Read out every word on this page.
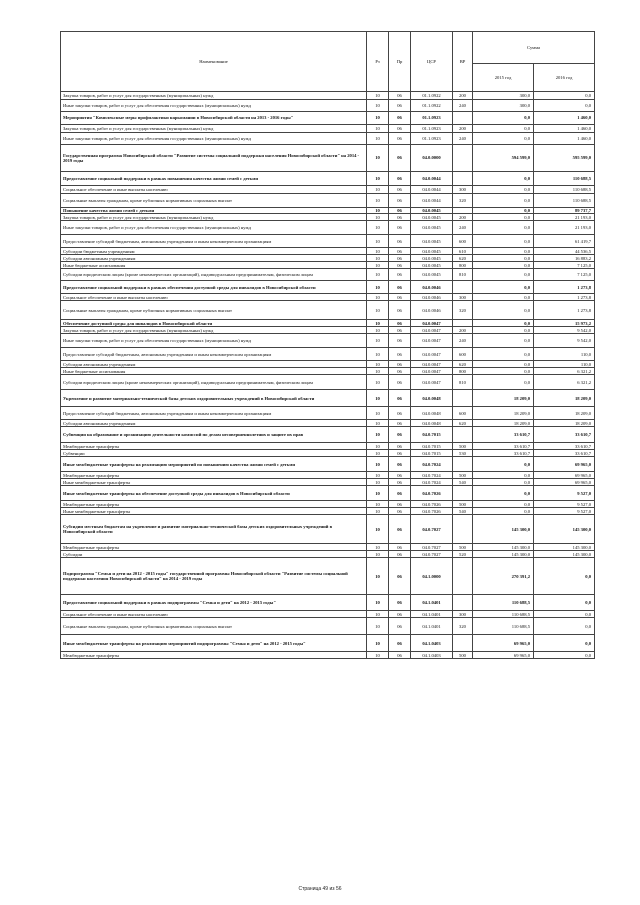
Наименование	Рз	Пр	ЦСР	ВР	Сумма	
					2015 год	2016 год
Закупка товаров, работ и услуг для государственных (муниципальных) нужд	10	06	01.1.0922	200	300,0	0,0
Иные закупки товаров, работ и услуг для обеспечения государственных (муниципальных) нужд	10	06	01.1.0922	240	300,0	0,0
Мероприятия "Комплексные меры профилактики наркомании в Новосибирской области на 2013 - 2016 годы"	10	06	01.1.0923		0,0	1 460,0
Закупка товаров, работ и услуг для государственных (муниципальных) нужд	10	06	01.1.0923	200	0,0	1 460,0
Иные закупки товаров, работ и услуг для обеспечения государственных (муниципальных) нужд	10	06	01.1.0923	240	0,0	1 460,0
Государственная программа Новосибирской области "Развитие системы социальной поддержки населения Новосибирской области" на 2014 - 2019 годы	10	06	04.0.0000		594 599,0	595 599,0
Предоставление социальной поддержки в рамках повышения качества жизни семей с детьми	10	06	04.0.0044		0,0	110 688,5
Социальное обеспечение и иные выплаты населению	10	06	04.0.0044	300	0,0	110 688,5
Социальные выплаты гражданам, кроме публичных нормативных социальных выплат	10	06	04.0.0044	320	0,0	110 688,5
Повышение качества жизни семей с детьми	10	06	04.0.0045		0,0	89 737,7
Закупка товаров, работ и услуг для государственных (муниципальных) нужд	10	06	04.0.0045	200	0,0	21 193,0
Иные закупки товаров, работ и услуг для обеспечения государственных (муниципальных) нужд	10	06	04.0.0045	240	0,0	21 193,0
Предоставление субсидий бюджетным, автономным учреждениям и иным некоммерческим организациям	10	06	04.0.0045	600	0,0	61 419,7
Субсидии бюджетным учреждениям	10	06	04.0.0045	610	0,0	44 536,5
Субсидии автономным учреждениям	10	06	04.0.0045	620	0,0	16 883,2
Иные бюджетные ассигнования	10	06	04.0.0045	800	0,0	7 125,0
Субсидии юридическим лицам (кроме некоммерческих организаций), индивидуальным предпринимателям, физическим лицам	10	06	04.0.0045	810	0,0	7 125,0
Предоставление социальной поддержки в рамках обеспечения доступной среды для инвалидов в Новосибирской области	10	06	04.0.0046		0,0	1 273,8
Социальное обеспечение и иные выплаты населению	10	06	04.0.0046	300	0,0	1 273,8
Социальные выплаты гражданам, кроме публичных нормативных социальных выплат	10	06	04.0.0046	320	0,0	1 273,8
Обеспечение доступной среды для инвалидов в Новосибирской области	10	06	04.0.0047		0,0	15 973,2
Закупка товаров, работ и услуг для государственных (муниципальных) нужд	10	06	04.0.0047	200	0,0	9 542,0
Иные закупки товаров, работ и услуг для обеспечения государственных (муниципальных) нужд	10	06	04.0.0047	240	0,0	9 542,0
Предоставление субсидий бюджетным, автономным учреждениям и иным некоммерческим организациям	10	06	04.0.0047	600	0,0	110,0
Субсидии автономным учреждениям	10	06	04.0.0047	620	0,0	110,0
Иные бюджетные ассигнования	10	06	04.0.0047	800	0,0	6 321,2
Субсидии юридическим лицам (кроме некоммерческих организаций), индивидуальным предпринимателям, физическим лицам	10	06	04.0.0047	810	0,0	6 321,2
Укрепление и развитие материально-технической базы детских оздоровительных учреждений в Новосибирской области	10	06	04.0.0048		18 209,0	18 209,0
Предоставление субсидий бюджетным, автономным учреждениям и иным некоммерческим организациям	10	06	04.0.0048	600	18 209,0	18 209,0
Субсидии автономным учреждениям	10	06	04.0.0048	620	18 209,0	18 209,0
Субвенции на образование и организацию деятельности комиссий по делам несовершеннолетних и защите их прав	10	06	04.0.7015		33 610,7	33 610,7
Межбюджетные трансферты	10	06	04.0.7015	500	33 610,7	33 610,7
Субвенции	10	06	04.0.7015	530	33 610,7	33 610,7
Иные межбюджетные трансферты на реализацию мероприятий по повышению качества жизни семей с детьми	10	06	04.0.7024		0,0	69 965,0
Межбюджетные трансферты	10	06	04.0.7024	500	0,0	69 965,0
Иные межбюджетные трансферты	10	06	04.0.7024	540	0,0	69 965,0
Иные межбюджетные трансферты на обеспечение доступной среды для инвалидов в Новосибирской области	10	06	04.0.7026		0,0	9 527,0
Межбюджетные трансферты	10	06	04.0.7026	500	0,0	9 527,0
Иные межбюджетные трансферты	10	06	04.0.7026	540	0,0	9 527,0
Субсидии местным бюджетам на укрепление и развитие материально-технической базы детских оздоровительных учреждений в Новосибирской области	10	06	04.0.7027		145 300,0	145 300,0
Межбюджетные трансферты	10	06	04.0.7027	500	145 300,0	145 300,0
Субсидии	10	06	04.0.7027	520	145 300,0	145 300,0
Подпрограмма "Семья и дети на 2012 - 2015 годы" государственной программы Новосибирской области "Развитие системы социальной поддержки населения Новосибирской области" на 2014 - 2019 годы	10	06	04.1.0000		270 391,2	0,0
Предоставление социальной поддержки в рамках подпрограммы "Семья и дети" на 2012 - 2015 годы"	10	06	04.1.0401		110 688,5	0,0
Социальное обеспечение и иные выплаты населению	10	06	04.1.0401	300	110 688,5	0,0
Социальные выплаты гражданам, кроме публичных нормативных социальных выплат	10	06	04.1.0401	320	110 688,5	0,0
Иные межбюджетные трансферты на реализацию мероприятий подпрограммы "Семья и дети" на 2012 - 2015 годы"	10	06	04.1.0403		69 965,0	0,0
Межбюджетные трансферты	10	06	04.1.0403	500	69 965,0	0,0
Страница 49 из 56
